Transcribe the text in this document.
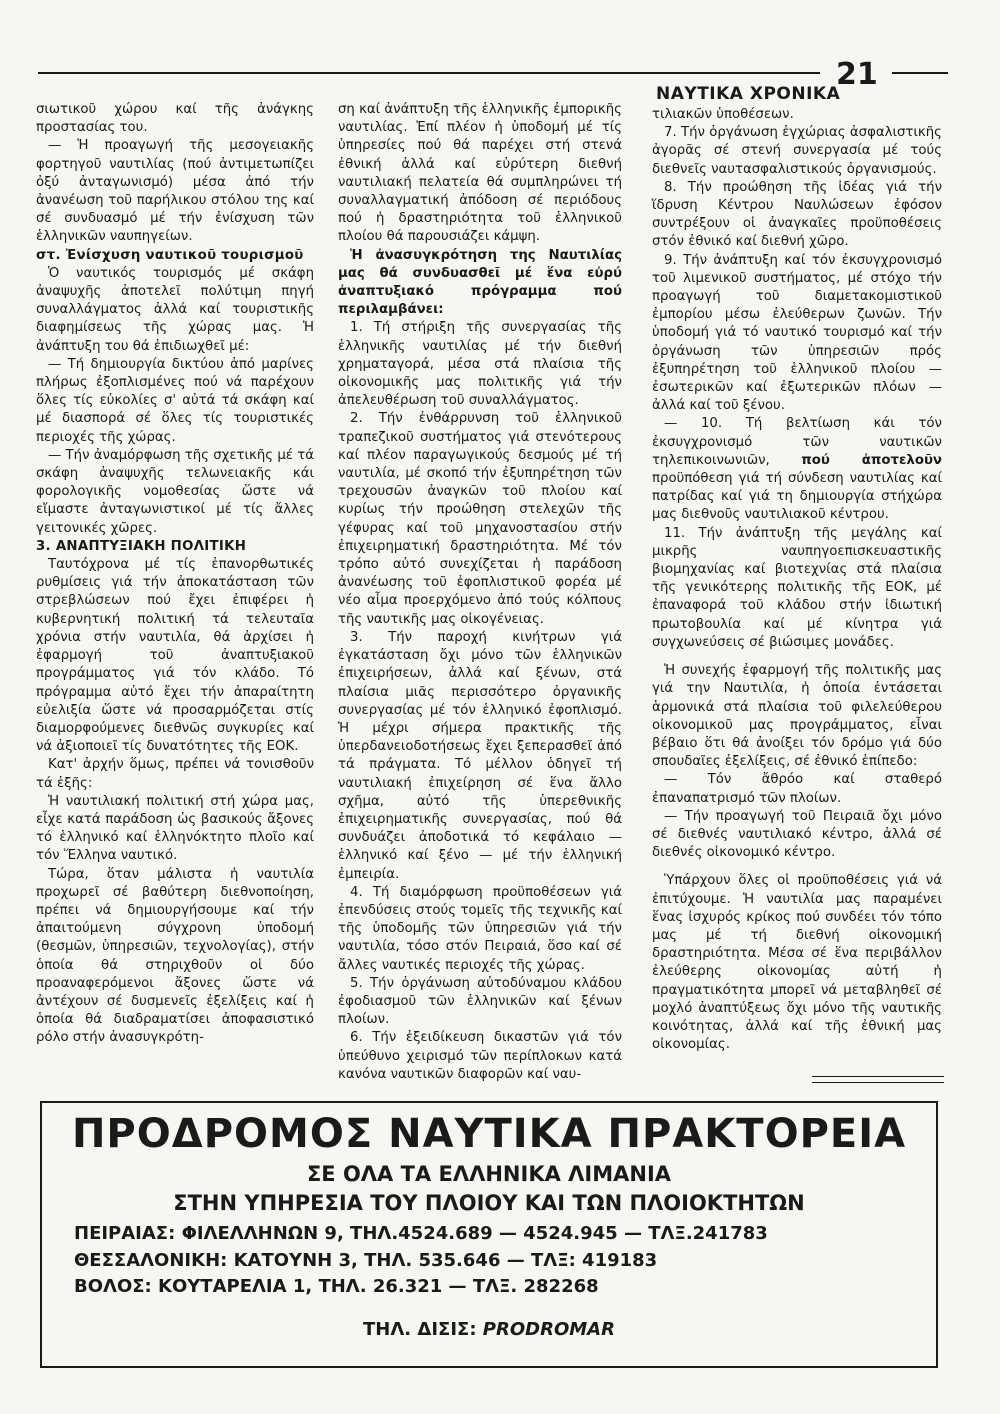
21
ΝΑΥΤΙΚΑ ΧΡΟΝΙΚΑ

σιωτικοῦ χώρου καί τῆς ἀνάγκης προστασίας του.

— Ἡ προαγωγή τῆς μεσογειακῆς φορτηγοῦ ναυτιλίας (πού ἀντιμετωπίζει ὀξύ ἀνταγωνισμό) μέσα ἀπό τήν ἀνανέωση τοῦ παρήλικου στόλου της καί σέ συνδυασμό μέ τήν ἐνίσχυση τῶν ἑλληνικῶν ναυπηγείων.

στ. Ἐνίσχυση ναυτικοῦ τουρισμοῦ

Ὁ ναυτικός τουρισμός μέ σκάφη ἀναψυχῆς ἀποτελεῖ πολύτιμη πηγή συναλλάγματος ἀλλά καί τουριστικῆς διαφημίσεως τῆς χώρας μας. Ἡ ἀνάπτυξη του θά ἐπιδιωχθεῖ μέ:

— Τή δημιουργία δικτύου ἀπό μαρίνες πλήρως ἐξοπλισμένες πού νά παρέχουν ὅλες τίς εὐκολίες σ' αὐτά τά σκάφη καί μέ διασπορά σέ ὅλες τίς τουριστικές περιοχές τῆς χώρας.

— Τήν ἀναμόρφωση τῆς σχετικῆς μέ τά σκάφη ἀναψυχῆς τελωνειακῆς κάι φορολογικῆς νομοθεσίας ὥστε νά εἴμαστε ἀνταγωνιστικοί μέ τίς ἄλλες γειτονικές χῶρες.

3. ΑΝΑΠΤΥΞΙΑΚΗ ΠΟΛΙΤΙΚΗ

Ταυτόχρονα μέ τίς ἐπανορθωτικές ρυθμίσεις γιά τήν ἀποκατάσταση τῶν στρεβλώσεων πού ἔχει ἐπιφέρει ἡ κυβερνητική πολιτική τά τελευταῖα χρόνια στήν ναυτιλία, θά ἀρχίσει ἡ ἐφαρμογή τοῦ ἀναπτυξιακοῦ προγράμματος γιά τόν κλάδο. Τό πρόγραμμα αὐτό ἔχει τήν ἀπαραίτητη εὐελιξία ὥστε νά προσαρμόζεται στίς διαμορφούμενες διεθνῶς συγκυρίες καί νά ἀξιοποιεῖ τίς δυνατότητες τῆς ΕΟΚ.

Κατ' ἀρχήν ὅμως, πρέπει νά τονισθοῦν τά ἑξῆς:

Ἡ ναυτιλιακή πολιτική στή χώρα μας, εἶχε κατά παράδοση ὡς βασικούς ἄξονες τό ἑλληνικό καί ἑλληνόκτητο πλοῖο καί τόν Ἕλληνα ναυτικό.

Τώρα, ὅταν μάλιστα ἡ ναυτιλία προχωρεῖ σέ βαθύτερη διεθνοποίηση, πρέπει νά δημιουργήσουμε καί τήν ἀπαιτούμενη σύγχρονη ὑποδομή (θεσμῶν, ὑπηρεσιῶν, τεχνολογίας), στήν ὁποία θά στηριχθοῦν οἱ δύο προαναφερόμενοι ἄξονες ὥστε νά ἀντέχουν σέ δυσμενεῖς ἐξελίξεις καί ἡ ὁποία θά διαδραματίσει ἀποφασιστικό ρόλο στήν ἀνασυγκρότη-

ση καί ἀνάπτυξη τῆς ἑλληνικῆς ἐμπορικῆς ναυτιλίας. Ἐπί πλέον ἡ ὑποδομή μέ τίς ὑπηρεσίες πού θά παρέχει στή στενά ἐθνική ἀλλά καί εὐρύτερη διεθνή ναυτιλιακή πελατεία θά συμπληρώνει τή συναλλαγματική ἀπόδοση σέ περιόδους πού ἡ δραστηριότητα τοῦ ἑλληνικοῦ πλοίου θά παρουσιάζει κάμψη.

Ἡ ἀνασυγκρότηση της Ναυτιλίας μας θά συνδυασθεῖ μέ ἕνα εὐρύ ἀναπτυξιακό πρόγραμμα πού περιλαμβάνει:

1. Τή στήριξη τῆς συνεργασίας τῆς ἑλληνικῆς ναυτιλίας μέ τήν διεθνή χρηματαγορά, μέσα στά πλαίσια τῆς οἰκονομικῆς μας πολιτικῆς γιά τήν ἀπελευθέρωση τοῦ συναλλάγματος.

2. Τήν ἐνθάρρυνση τοῦ ἑλληνικοῦ τραπεζικοῦ συστήματος γιά στενότερους καί πλέον παραγωγικούς δεσμούς μέ τή ναυτιλία, μέ σκοπό τήν ἐξυπηρέτηση τῶν τρεχουσῶν ἀναγκῶν τοῦ πλοίου καί κυρίως τήν προώθηση στελεχῶν τῆς γέφυρας καί τοῦ μηχανοστασίου στήν ἐπιχειρηματική δραστηριότητα. Μέ τόν τρόπο αὐτό συνεχίζεται ἡ παράδοση ἀνανέωσης τοῦ ἐφοπλιστικοῦ φορέα μέ νέο αἷμα προερχόμενο ἀπό τούς κόλπους τῆς ναυτικῆς μας οἰκογένειας.

3. Τήν παροχή κινήτρων γιά ἐγκατάσταση ὄχι μόνο τῶν ἑλληνικῶν ἐπιχειρήσεων, ἀλλά καί ξένων, στά πλαίσια μιᾶς περισσότερο ὀργανικῆς συνεργασίας μέ τόν ἑλληνικό ἐφοπλισμό. Ἡ μέχρι σήμερα πρακτικῆς τῆς ὑπερδανειοδοτήσεως ἔχει ξεπερασθεῖ ἀπό τά πράγματα. Τό μέλλον ὁδηγεῖ τή ναυτιλιακή ἐπιχείρηση σέ ἕνα ἄλλο σχῆμα, αὐτό τῆς ὑπερεθνικῆς ἐπιχειρηματικῆς συνεργασίας, πού θά συνδυάζει ἀποδοτικά τό κεφάλαιο — ἑλληνικό καί ξένο — μέ τήν ἑλληνική ἐμπειρία.

4. Τή διαμόρφωση προϋποθέσεων γιά ἐπενδύσεις στούς τομεῖς τῆς τεχνικῆς καί τῆς ὑποδομῆς τῶν ὑπηρεσιῶν γιά τήν ναυτιλία, τόσο στόν Πειραιά, ὅσο καί σέ ἄλλες ναυτικές περιοχές τῆς χώρας.

5. Τήν ὀργάνωση αὐτοδύναμου κλάδου ἐφοδιασμοῦ τῶν ἑλληνικῶν καί ξένων πλοίων.

6. Τήν ἐξειδίκευση δικαστῶν γιά τόν ὑπεύθυνο χειρισμό τῶν περίπλοκων κατά κανόνα ναυτικῶν διαφορῶν καί ναυ-

τιλιακῶν ὑποθέσεων.

7. Τήν ὀργάνωση ἐγχώριας ἀσφαλιστικῆς ἀγορᾶς σέ στενή συνεργασία μέ τούς διεθνεῖς ναυτασφαλιστικούς ὀργανισμούς.

8. Τήν προώθηση τῆς ἰδέας γιά τήν ἵδρυση Κέντρου Ναυλώσεων ἐφόσον συντρέξουν οἱ ἀναγκαῖες προϋποθέσεις στόν ἐθνικό καί διεθνή χῶρο.

9. Τήν ἀνάπτυξη καί τόν ἐκσυγχρονισμό τοῦ λιμενικοῦ συστήματος, μέ στόχο τήν προαγωγή τοῦ διαμετακομιστικοῦ ἐμπορίου μέσω ἐλεύθερων ζωνῶν. Τήν ὑποδομή γιά τό ναυτικό τουρισμό καί τήν ὀργάνωση τῶν ὑπηρεσιῶν πρός ἐξυπηρέτηση τοῦ ἑλληνικοῦ πλοίου — ἐσωτερικῶν καί ἐξωτερικῶν πλόων — ἀλλά καί τοῦ ξένου.

— 10. Τή βελτίωση κάι τόν ἐκσυγχρονισμό τῶν ναυτικῶν τηλεπικοινωνιῶν, πού ἀποτελοῦν προϋπόθεση γιά τή σύνδεση ναυτιλίας καί πατρίδας καί γιά τη δημιουργία στήχώρα μας διεθνοῦς ναυτιλιακοῦ κέντρου.

11. Τήν ἀνάπτυξη τῆς μεγάλης καί μικρῆς ναυπηγοεπισκευαστικῆς βιομηχανίας καί βιοτεχνίας στά πλαίσια τῆς γενικότερης πολιτικῆς τῆς ΕΟΚ, μέ ἐπαναφορά τοῦ κλάδου στήν ἰδιωτική πρωτοβουλία καί μέ κίνητρα γιά συγχωνεύσεις σέ βιώσιμες μονάδες.

Ἡ συνεχής ἐφαρμογή τῆς πολιτικῆς μας γιά την Ναυτιλία, ἡ ὁποία ἐντάσεται ἁρμονικά στά πλαίσια τοῦ φιλελεύθερου οἰκονομικοῦ μας προγράμματος, εἶναι βέβαιο ὅτι θά ἀνοίξει τόν δρόμο γιά δύο σπουδαῖες ἐξελίξεις, σέ ἐθνικό ἐπίπεδο:

— Τόν ἄθρόο καί σταθερό ἐπαναπατρισμό τῶν πλοίων.

— Τήν προαγωγή τοῦ Πειραιᾶ ὄχι μόνο σέ διεθνές ναυτιλιακό κέντρο, ἀλλά σέ διεθνές οἰκονομικό κέντρο.

Ὑπάρχουν ὅλες οἱ προϋποθέσεις γιά νά ἐπιτύχουμε. Ἡ ναυτιλία μας παραμένει ἕνας ἰσχυρός κρίκος πού συνδέει τόν τόπο μας μέ τή διεθνή οἰκονομική δραστηριότητα. Μέσα σέ ἕνα περιβάλλον ἐλεύθερης οἰκονομίας αὐτή ἡ πραγματικότητα μπορεῖ νά μεταβληθεῖ σέ μοχλό ἀναπτύξεως ὄχι μόνο τῆς ναυτικῆς κοινότητας, ἀλλά καί τῆς ἐθνική μας οἰκονομίας.

ΠΡΟΔΡΟΜΟΣ ΝΑΥΤΙΚΑ ΠΡΑΚΤΟΡΕΙΑ
ΣΕ ΟΛΑ ΤΑ ΕΛΛΗΝΙΚΑ ΛΙΜΑΝΙΑ
ΣΤΗΝ ΥΠΗΡΕΣΙΑ ΤΟΥ ΠΛΟΙΟΥ ΚΑΙ ΤΩΝ ΠΛΟΙΟΚΤΗΤΩΝ
ΠΕΙΡΑΙΑΣ: ΦΙΛΕΛΛΗΝΩΝ 9, ΤΗΛ.4524.689 — 4524.945 — ΤΛΞ.241783
ΘΕΣΣΑΛΟΝΙΚΗ: ΚΑΤΟΥΝΗ 3, ΤΗΛ. 535.646 — ΤΛΞ: 419183
ΒΟΛΟΣ: ΚΟΥΤΑΡΕΛΙΑ 1, ΤΗΛ. 26.321 — ΤΛΞ. 282268
ΤΗΛ. ΔΙΣΙΣ: PRODROMAR
